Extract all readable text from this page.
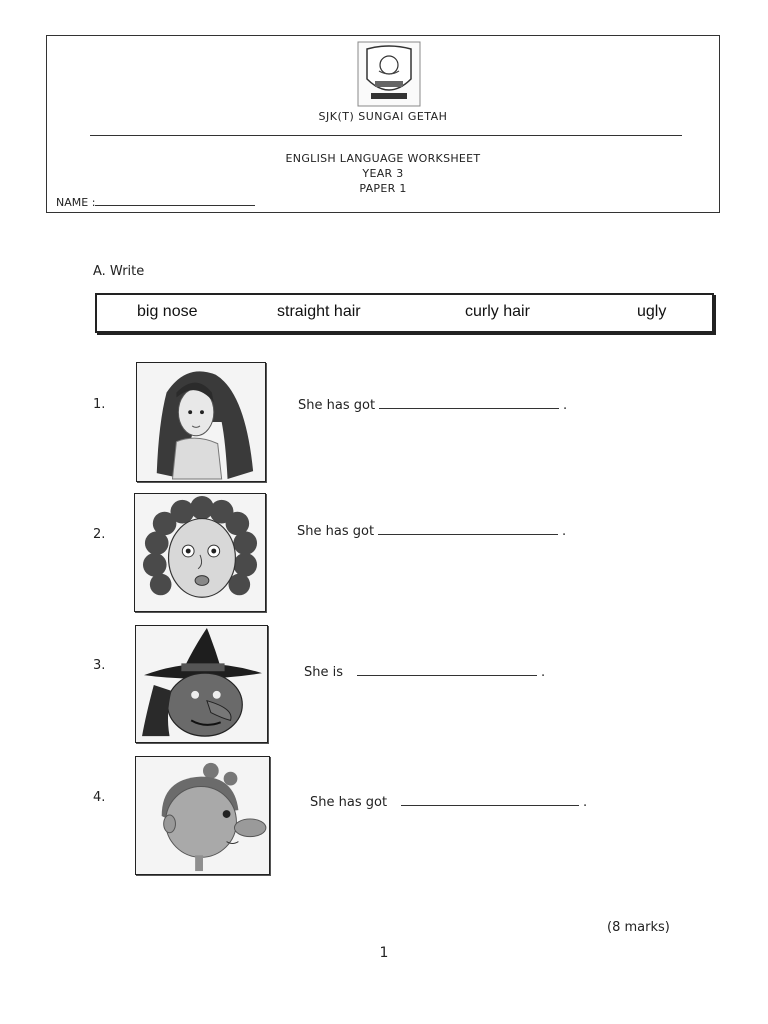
SJK(T) SUNGAI GETAH
ENGLISH LANGUAGE WORKSHEET
YEAR 3
PAPER 1
NAME :
A. Write
big nose	straight hair	curly hair	ugly
1.	She has got	.
2.	She has got	.
3.	She is	.
4.	She has got	.
(8 marks)
1
